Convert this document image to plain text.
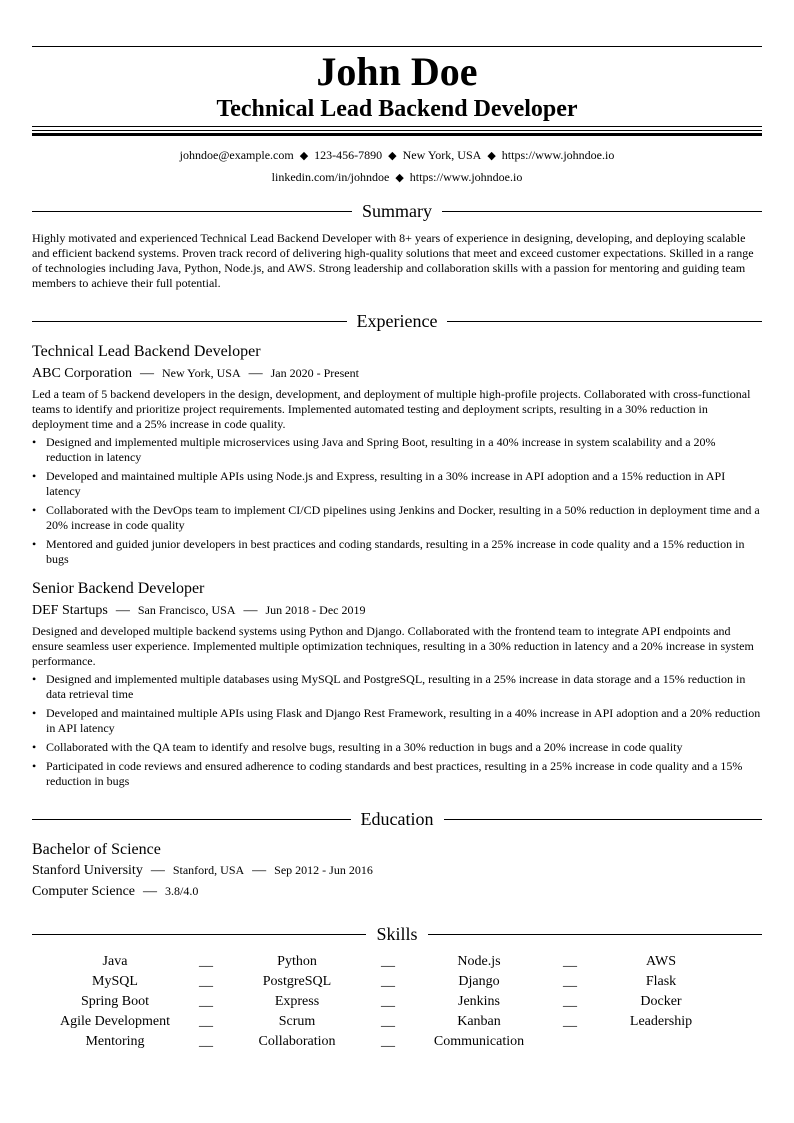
John Doe
Technical Lead Backend Developer
johndoe@example.com ◆ 123-456-7890 ◆ New York, USA ◆ https://www.johndoe.io
linkedin.com/in/johndoe ◆ https://www.johndoe.io
Summary
Highly motivated and experienced Technical Lead Backend Developer with 8+ years of experience in designing, developing, and deploying scalable and efficient backend systems. Proven track record of delivering high-quality solutions that meet and exceed customer expectations. Skilled in a range of technologies including Java, Python, Node.js, and AWS. Strong leadership and collaboration skills with a passion for mentoring and guiding team members to achieve their full potential.
Experience
Technical Lead Backend Developer
ABC Corporation — New York, USA — Jan 2020 - Present
Led a team of 5 backend developers in the design, development, and deployment of multiple high-profile projects. Collaborated with cross-functional teams to identify and prioritize project requirements. Implemented automated testing and deployment scripts, resulting in a 30% reduction in deployment time and a 25% increase in code quality.
• Designed and implemented multiple microservices using Java and Spring Boot, resulting in a 40% increase in system scalability and a 20% reduction in latency
• Developed and maintained multiple APIs using Node.js and Express, resulting in a 30% increase in API adoption and a 15% reduction in API latency
• Collaborated with the DevOps team to implement CI/CD pipelines using Jenkins and Docker, resulting in a 50% reduction in deployment time and a 20% increase in code quality
• Mentored and guided junior developers in best practices and coding standards, resulting in a 25% increase in code quality and a 15% reduction in bugs
Senior Backend Developer
DEF Startups — San Francisco, USA — Jun 2018 - Dec 2019
Designed and developed multiple backend systems using Python and Django. Collaborated with the frontend team to integrate API endpoints and ensure seamless user experience. Implemented multiple optimization techniques, resulting in a 30% reduction in latency and a 20% increase in system performance.
• Designed and implemented multiple databases using MySQL and PostgreSQL, resulting in a 25% increase in data storage and a 15% reduction in data retrieval time
• Developed and maintained multiple APIs using Flask and Django Rest Framework, resulting in a 40% increase in API adoption and a 20% reduction in API latency
• Collaborated with the QA team to identify and resolve bugs, resulting in a 30% reduction in bugs and a 20% increase in code quality
• Participated in code reviews and ensured adherence to coding standards and best practices, resulting in a 25% increase in code quality and a 15% reduction in bugs
Education
Bachelor of Science
Stanford University — Stanford, USA — Sep 2012 - Jun 2016
Computer Science — 3.8/4.0
Skills
Java	__	Python	__	Node.js	__	AWS
MySQL	__	PostgreSQL	__	Django	__	Flask
Spring Boot	__	Express	__	Jenkins	__	Docker
Agile Development	__	Scrum	__	Kanban	__	Leadership
Mentoring	__	Collaboration	__	Communication
